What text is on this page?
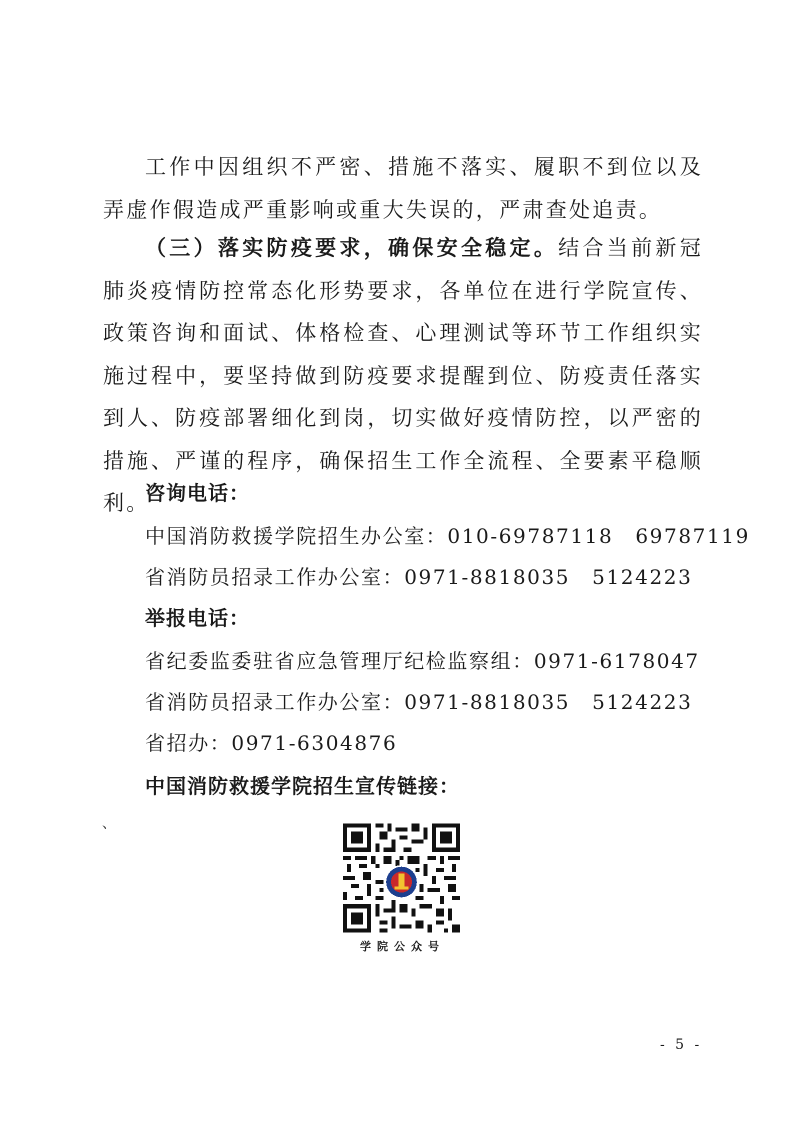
工作中因组织不严密、措施不落实、履职不到位以及弄虚作假造成严重影响或重大失误的，严肃查处追责。
（三）落实防疫要求，确保安全稳定。结合当前新冠肺炎疫情防控常态化形势要求，各单位在进行学院宣传、政策咨询和面试、体格检查、心理测试等环节工作组织实施过程中，要坚持做到防疫要求提醒到位、防疫责任落实到人、防疫部署细化到岗，切实做好疫情防控，以严密的措施、严谨的程序，确保招生工作全流程、全要素平稳顺利。
咨询电话：
中国消防救援学院招生办公室：010-69787118 69787119
省消防员招录工作办公室：0971-8818035 5124223
举报电话：
省纪委监委驻省应急管理厅纪检监察组：0971-6178047
省消防员招录工作办公室：0971-8818035 5124223
省招办：0971-6304876
中国消防救援学院招生宣传链接：
、
学院公众号
- 5 -
